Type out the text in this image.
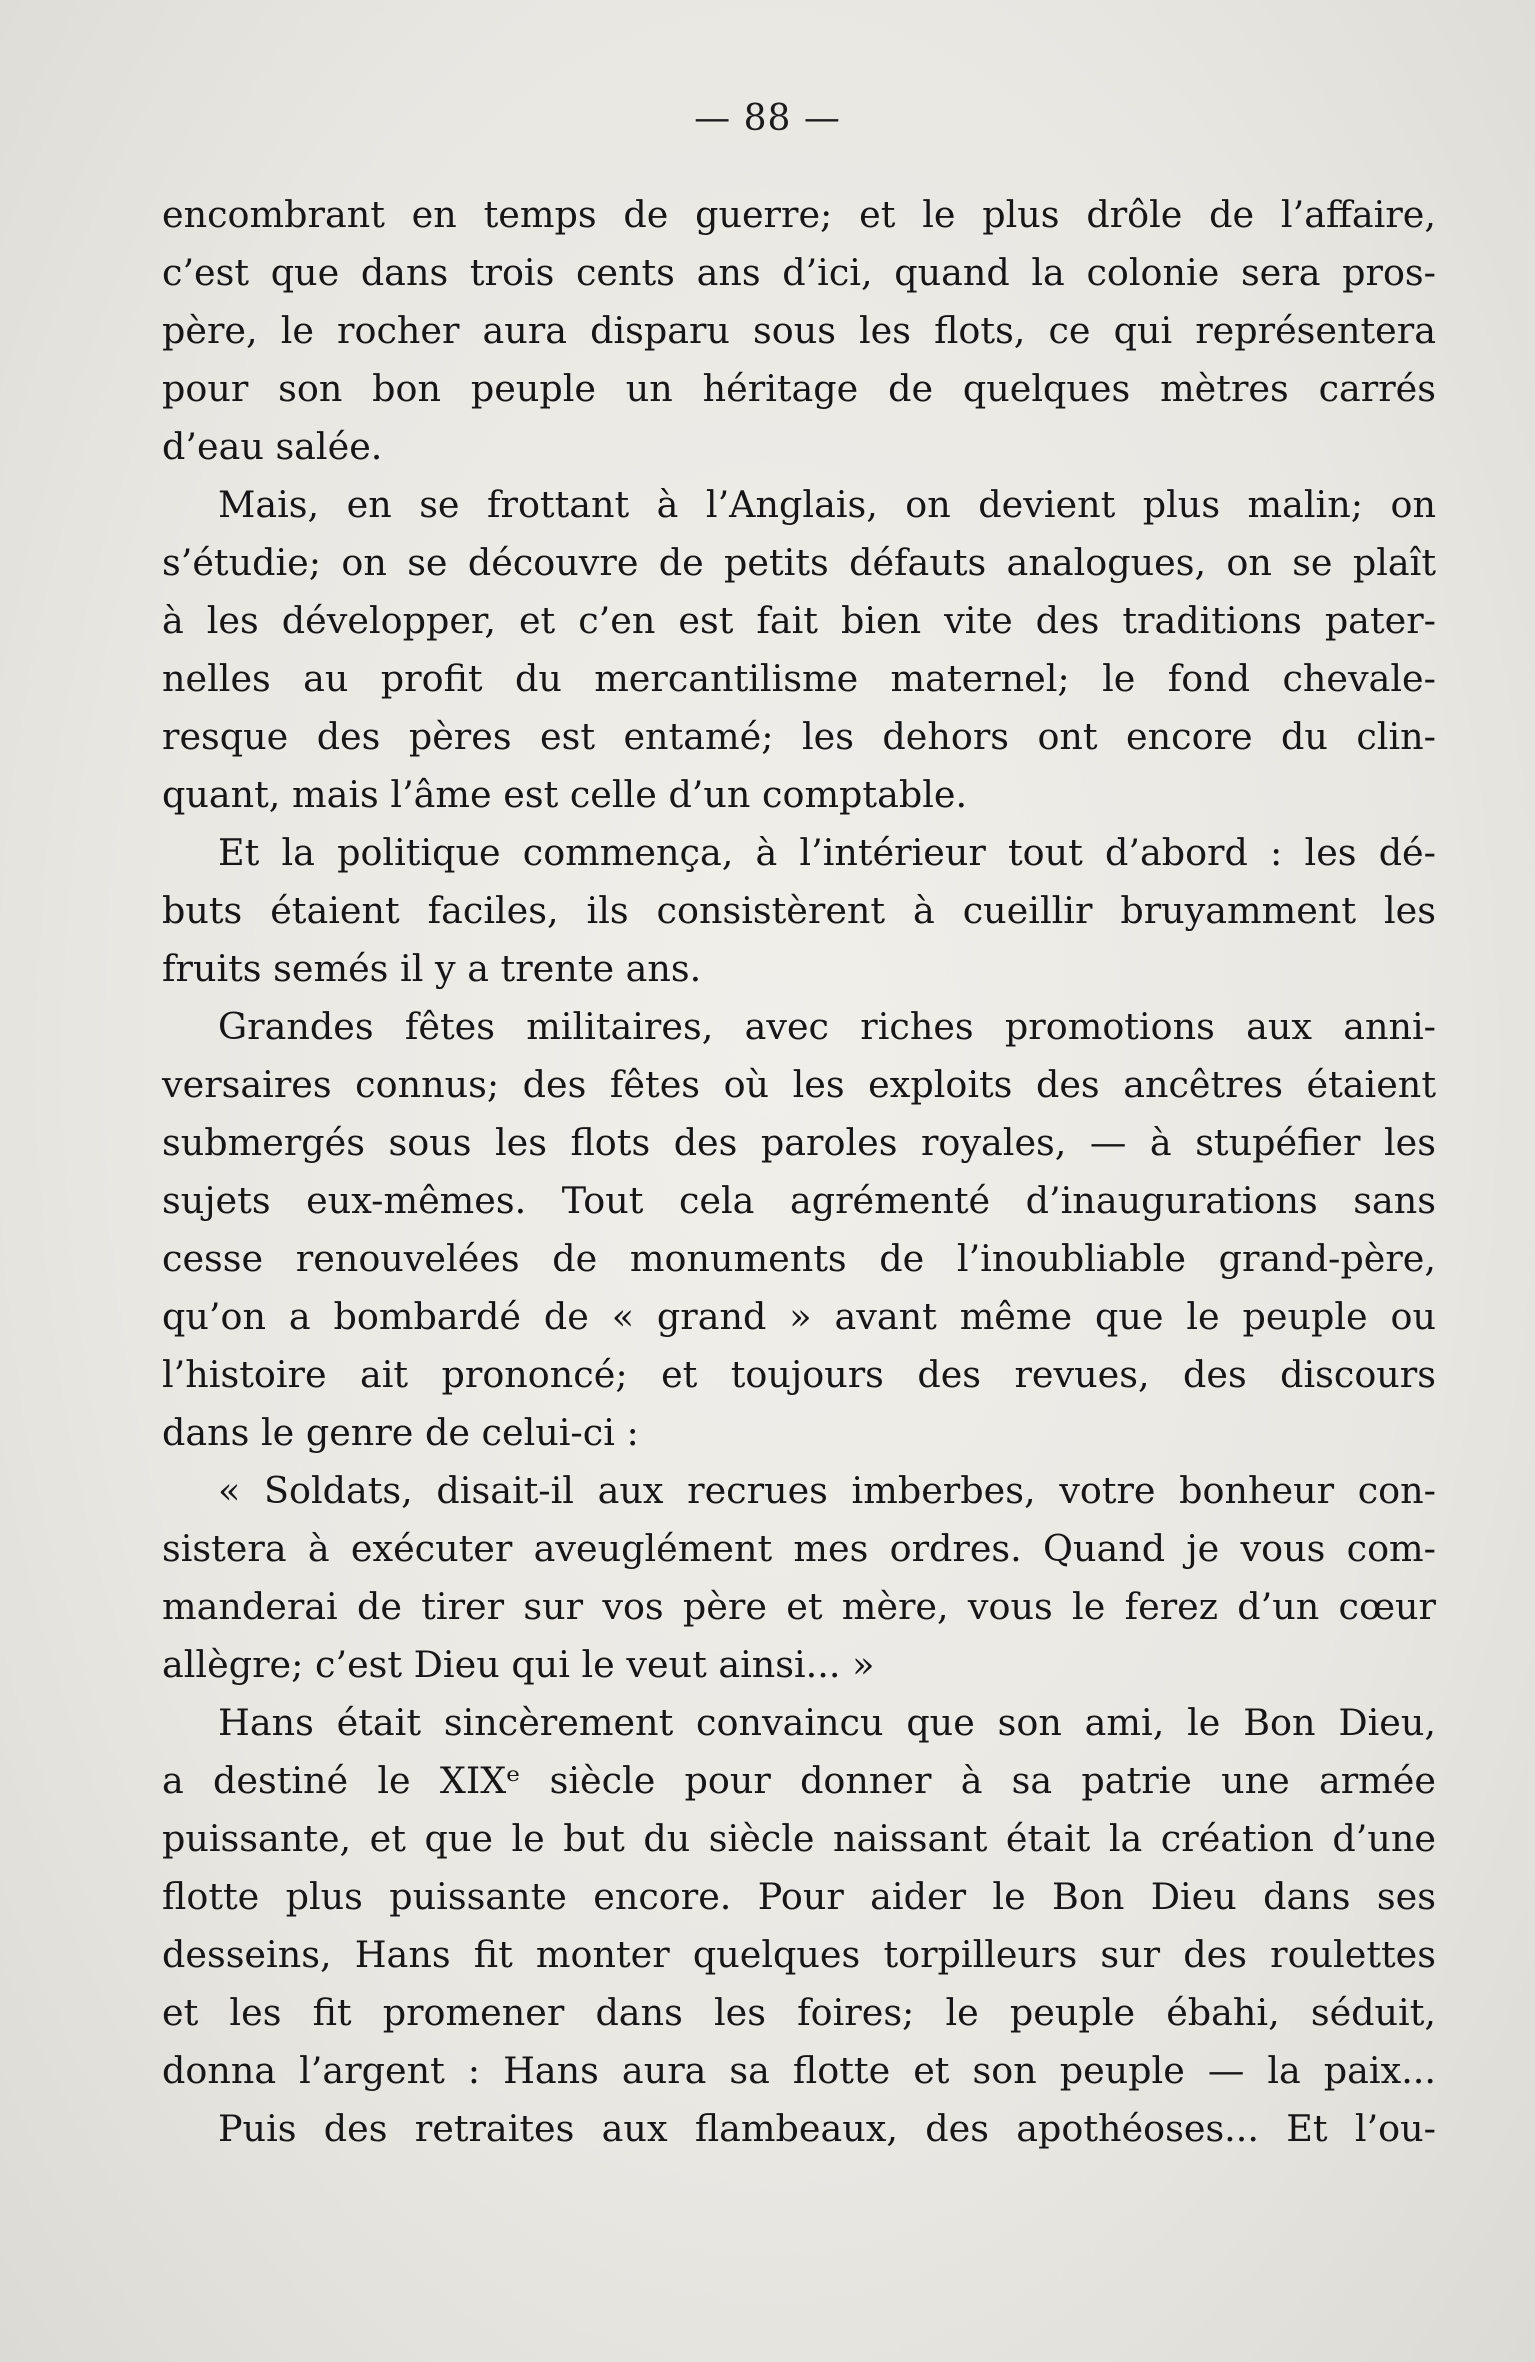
— 88 —

encombrant en temps de guerre; et le plus drôle de l’affaire,
c’est que dans trois cents ans d’ici, quand la colonie sera pros-
père, le rocher aura disparu sous les flots, ce qui représentera
pour son bon peuple un héritage de quelques mètres carrés
d’eau salée.

Mais, en se frottant à l’Anglais, on devient plus malin; on
s’étudie; on se découvre de petits défauts analogues, on se plaît
à les développer, et c’en est fait bien vite des traditions pater-
nelles au profit du mercantilisme maternel; le fond chevale-
resque des pères est entamé; les dehors ont encore du clin-
quant, mais l’âme est celle d’un comptable.

Et la politique commença, à l’intérieur tout d’abord : les dé-
buts étaient faciles, ils consistèrent à cueillir bruyamment les
fruits semés il y a trente ans.

Grandes fêtes militaires, avec riches promotions aux anni-
versaires connus; des fêtes où les exploits des ancêtres étaient
submergés sous les flots des paroles royales, — à stupéfier les
sujets eux-mêmes. Tout cela agrémenté d’inaugurations sans
cesse renouvelées de monuments de l’inoubliable grand-père,
qu’on a bombardé de « grand » avant même que le peuple ou
l’histoire ait prononcé; et toujours des revues, des discours
dans le genre de celui-ci :

« Soldats, disait-il aux recrues imberbes, votre bonheur con-
sistera à exécuter aveuglément mes ordres. Quand je vous com-
manderai de tirer sur vos père et mère, vous le ferez d’un cœur
allègre; c’est Dieu qui le veut ainsi... »

Hans était sincèrement convaincu que son ami, le Bon Dieu,
a destiné le XIXᵉ siècle pour donner à sa patrie une armée
puissante, et que le but du siècle naissant était la création d’une
flotte plus puissante encore. Pour aider le Bon Dieu dans ses
desseins, Hans fit monter quelques torpilleurs sur des roulettes
et les fit promener dans les foires; le peuple ébahi, séduit,
donna l’argent : Hans aura sa flotte et son peuple — la paix...

Puis des retraites aux flambeaux, des apothéoses... Et l’ou-
